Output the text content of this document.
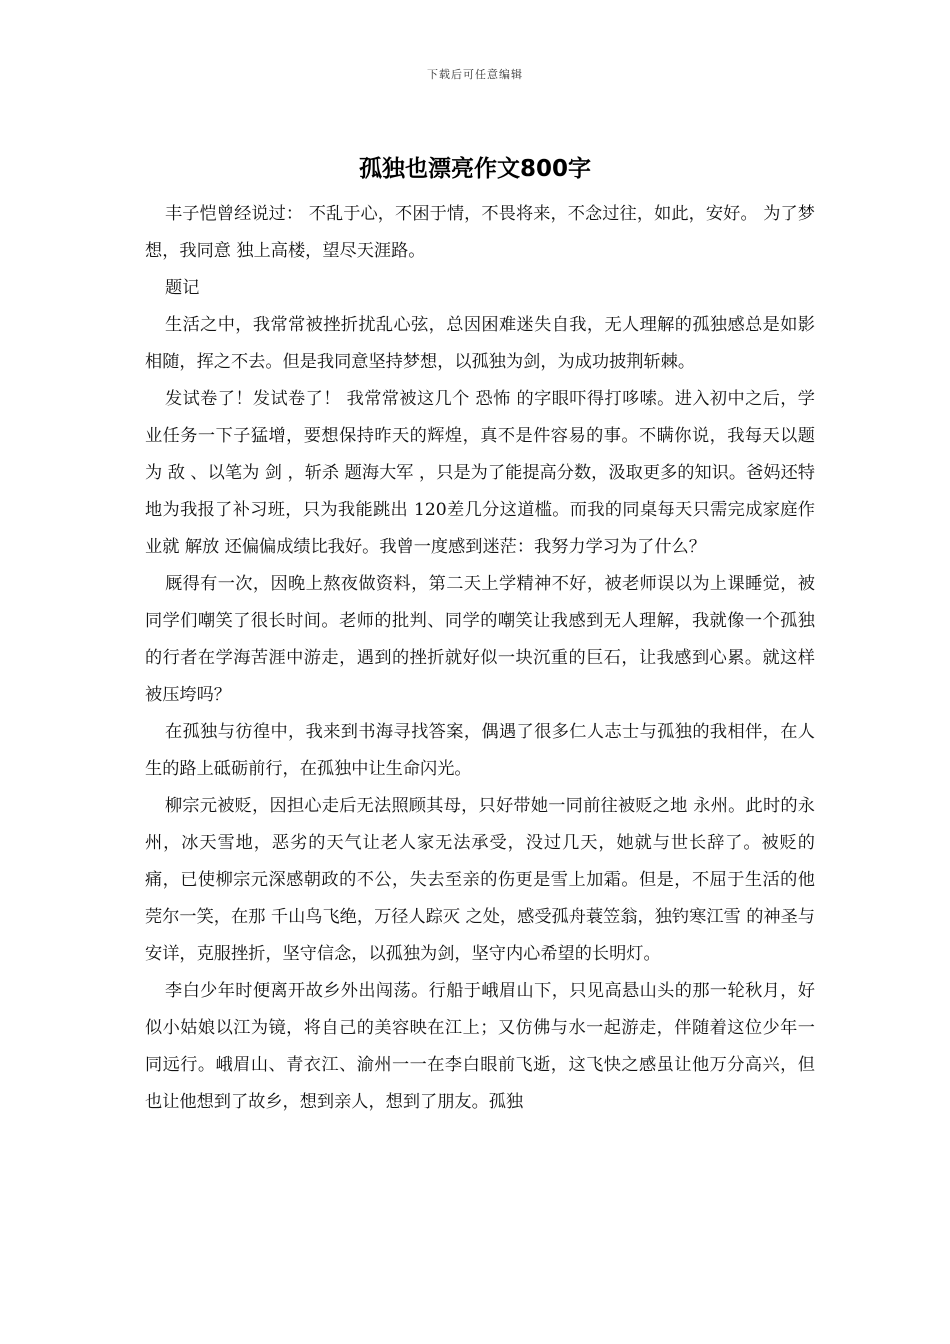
下载后可任意编辑
孤独也漂亮作文800字

丰子恺曾经说过： 不乱于心，不困于情，不畏将来，不念过往，如此，安好。 为了梦想，我同意 独上高楼，望尽天涯路。

题记

生活之中，我常常被挫折扰乱心弦，总因困难迷失自我，无人理解的孤独感总是如影相随，挥之不去。但是我同意坚持梦想，以孤独为剑，为成功披荆斩棘。

发试卷了！发试卷了！ 我常常被这几个 恐怖 的字眼吓得打哆嗦。进入初中之后，学业任务一下子猛增，要想保持昨天的辉煌，真不是件容易的事。不瞒你说，我每天以题为 敌 、以笔为 剑 ，斩杀 题海大军 ，只是为了能提高分数，汲取更多的知识。爸妈还特地为我报了补习班，只为我能跳出 120差几分这道槛。而我的同桌每天只需完成家庭作业就 解放 还偏偏成绩比我好。我曾一度感到迷茫：我努力学习为了什么？

厩得有一次，因晚上熬夜做资料，第二天上学精神不好，被老师误以为上课睡觉，被同学们嘲笑了很长时间。老师的批判、同学的嘲笑让我感到无人理解，我就像一个孤独的行者在学海苦涯中游走，遇到的挫折就好似一块沉重的巨石，让我感到心累。就这样被压垮吗？

在孤独与彷徨中，我来到书海寻找答案，偶遇了很多仁人志士与孤独的我相伴，在人生的路上砥砺前行，在孤独中让生命闪光。

柳宗元被贬，因担心走后无法照顾其母，只好带她一同前往被贬之地 永州。此时的永州，冰天雪地，恶劣的天气让老人家无法承受，没过几天，她就与世长辞了。被贬的痛，已使柳宗元深感朝政的不公，失去至亲的伤更是雪上加霜。但是，不屈于生活的他莞尔一笑，在那 千山鸟飞绝，万径人踪灭 之处，感受孤舟蓑笠翁，独钓寒江雪 的神圣与安详，克服挫折，坚守信念，以孤独为剑，坚守内心希望的长明灯。

李白少年时便离开故乡外出闯荡。行船于峨眉山下，只见高悬山头的那一轮秋月，好似小姑娘以江为镜，将自己的美容映在江上；又仿佛与水一起游走，伴随着这位少年一同远行。峨眉山、青衣江、渝州一一在李白眼前飞逝，这飞快之感虽让他万分高兴，但也让他想到了故乡，想到亲人，想到了朋友。孤独
